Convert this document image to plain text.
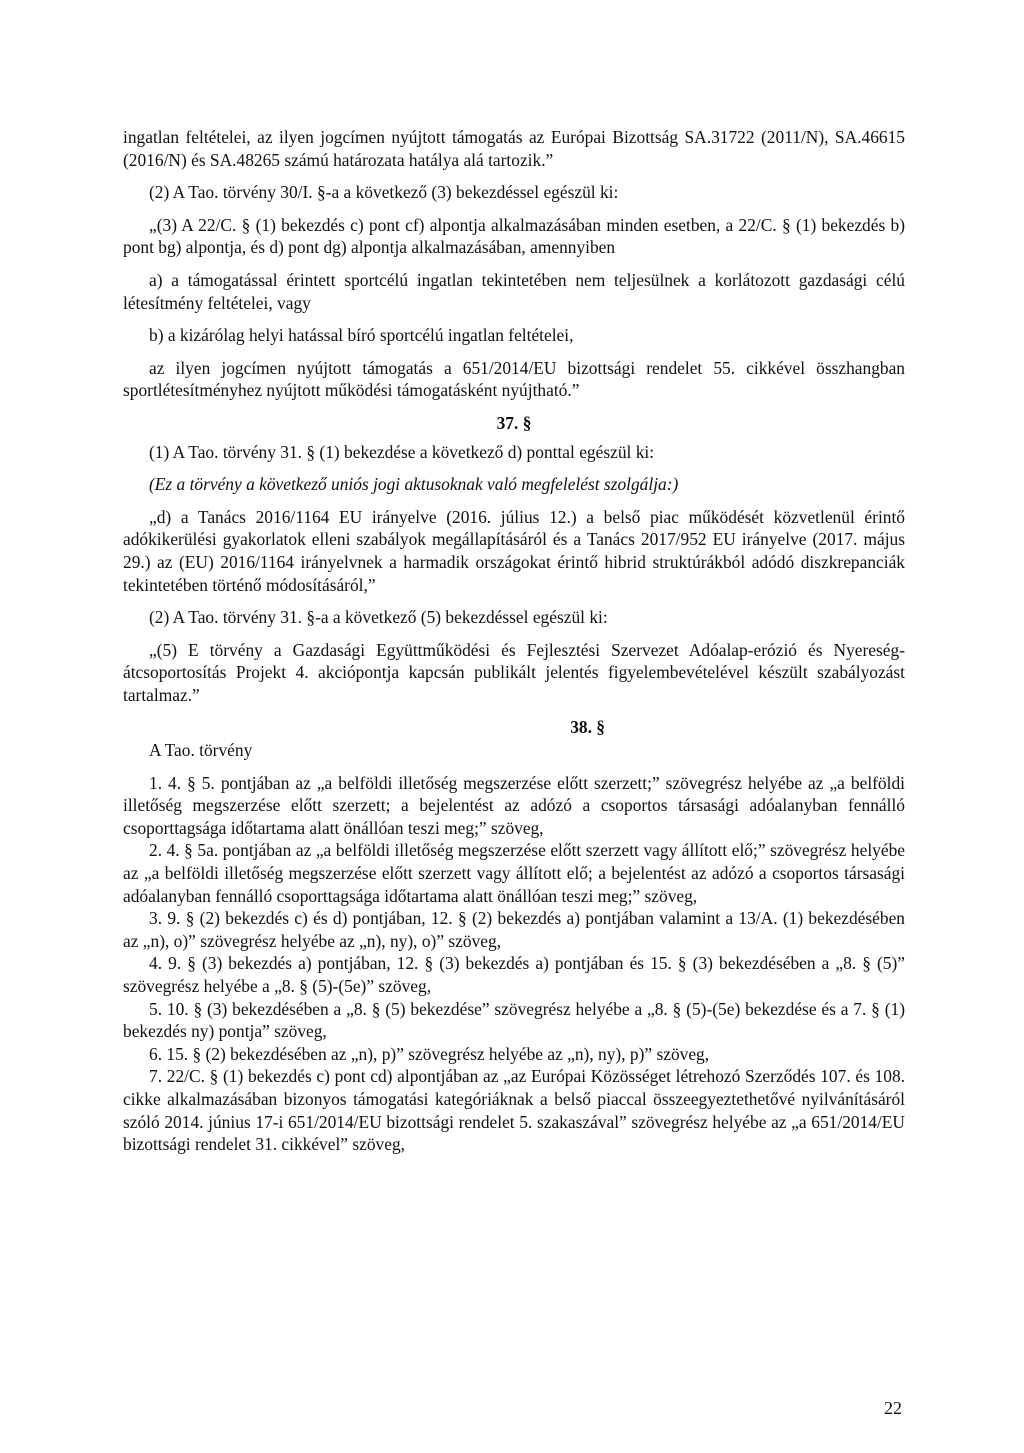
ingatlan feltételei, az ilyen jogcímen nyújtott támogatás az Európai Bizottság SA.31722 (2011/N), SA.46615 (2016/N) és SA.48265 számú határozata hatálya alá tartozik.”

(2) A Tao. törvény 30/I. §-a a következő (3) bekezdéssel egészül ki:

„(3) A 22/C. § (1) bekezdés c) pont cf) alpontja alkalmazásában minden esetben, a 22/C. § (1) bekezdés b) pont bg) alpontja, és d) pont dg) alpontja alkalmazásában, amennyiben

a) a támogatással érintett sportcélú ingatlan tekintetében nem teljesülnek a korlátozott gazdasági célú létesítmény feltételei, vagy

b) a kizárólag helyi hatással bíró sportcélú ingatlan feltételei,

az ilyen jogcímen nyújtott támogatás a 651/2014/EU bizottsági rendelet 55. cikkével összhangban sportlétesítményhez nyújtott működési támogatásként nyújtható.”

37. §

(1) A Tao. törvény 31. § (1) bekezdése a következő d) ponttal egészül ki:

(Ez a törvény a következő uniós jogi aktusoknak való megfelelést szolgálja:)

„d) a Tanács 2016/1164 EU irányelve (2016. július 12.) a belső piac működését közvetlenül érintő adókikerülési gyakorlatok elleni szabályok megállapításáról és a Tanács 2017/952 EU irányelve (2017. május 29.) az (EU) 2016/1164 irányelvnek a harmadik országokat érintő hibrid struktúrákból adódó diszkrepanciák tekintetében történő módosításáról,”

(2) A Tao. törvény 31. §-a a következő (5) bekezdéssel egészül ki:

„(5) E törvény a Gazdasági Együttműködési és Fejlesztési Szervezet Adóalap-erózió és Nyereség-átcsoportosítás Projekt 4. akciópontja kapcsán publikált jelentés figyelembevételével készült szabályozást tartalmaz.”

38. §

A Tao. törvény

1. 4. § 5. pontjában az „a belföldi illetőség megszerzése előtt szerzett;” szövegrész helyébe az „a belföldi illetőség megszerzése előtt szerzett; a bejelentést az adózó a csoportos társasági adóalanyban fennálló csoporttagsága időtartama alatt önállóan teszi meg;” szöveg,

2. 4. § 5a. pontjában az „a belföldi illetőség megszerzése előtt szerzett vagy állított elő;” szövegrész helyébe az „a belföldi illetőség megszerzése előtt szerzett vagy állított elő; a bejelentést az adózó a csoportos társasági adóalanyban fennálló csoporttagsága időtartama alatt önállóan teszi meg;” szöveg,

3. 9. § (2) bekezdés c) és d) pontjában, 12. § (2) bekezdés a) pontjában valamint a 13/A. (1) bekezdésében az „n), o)” szövegrész helyébe az „n), ny), o)” szöveg,

4. 9. § (3) bekezdés a) pontjában, 12. § (3) bekezdés a) pontjában és 15. § (3) bekezdésében a „8. § (5)” szövegrész helyébe a „8. § (5)-(5e)” szöveg,

5. 10. § (3) bekezdésében a „8. § (5) bekezdése” szövegrész helyébe a „8. § (5)-(5e) bekezdése és a 7. § (1) bekezdés ny) pontja” szöveg,

6. 15. § (2) bekezdésében az „n), p)” szövegrész helyébe az „n), ny), p)” szöveg,

7. 22/C. § (1) bekezdés c) pont cd) alpontjában az „az Európai Közösséget létrehozó Szerződés 107. és 108. cikke alkalmazásában bizonyos támogatási kategóriáknak a belső piaccal összeegyeztethetővé nyilvánításáról szóló 2014. június 17-i 651/2014/EU bizottsági rendelet 5. szakaszával” szövegrész helyébe az „a 651/2014/EU bizottsági rendelet 31. cikkével” szöveg,

22
